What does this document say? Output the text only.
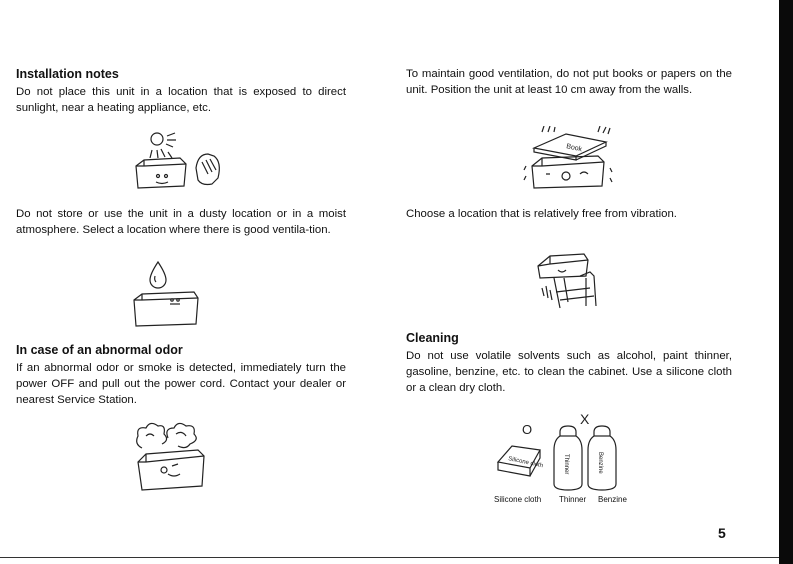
Installation notes

Do not place this unit in a location that is exposed to direct sunlight, near a heating appliance, etc.

Do not store or use the unit in a dusty location or in a moist atmosphere. Select a location where there is good ventila-tion.

In case of an abnormal odor

If an abnormal odor or smoke is detected, immediately turn the power OFF and pull out the power cord. Contact your dealer or nearest Service Station.

To maintain good ventilation, do not put books or papers on the unit. Position the unit at least 10 cm away from the walls.

Book

Choose a location that is relatively free from vibration.

Cleaning

Do not use volatile solvents such as alcohol, paint thinner, gasoline, benzine, etc. to clean the cabinet. Use a silicone cloth or a clean dry cloth.

O
X
Silicone cloth	Thinner	Benzine
Silicone cloth Thinner Benzine
5
